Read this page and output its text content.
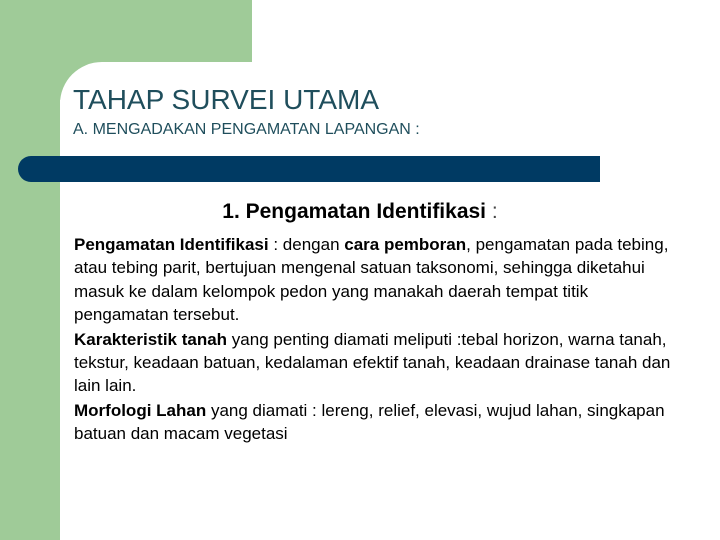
TAHAP SURVEI UTAMA
A. MENGADAKAN PENGAMATAN LAPANGAN :
1. Pengamatan Identifikasi :

Pengamatan Identifikasi : dengan cara pemboran, pengamatan pada tebing, atau tebing parit, bertujuan mengenal satuan taksonomi, sehingga diketahui masuk ke dalam kelompok pedon yang manakah daerah tempat titik pengamatan tersebut.

Karakteristik tanah yang penting diamati meliputi :tebal horizon, warna tanah, tekstur, keadaan batuan, kedalaman efektif tanah, keadaan drainase tanah dan lain lain.

Morfologi Lahan yang diamati : lereng, relief, elevasi, wujud lahan, singkapan batuan dan macam vegetasi
